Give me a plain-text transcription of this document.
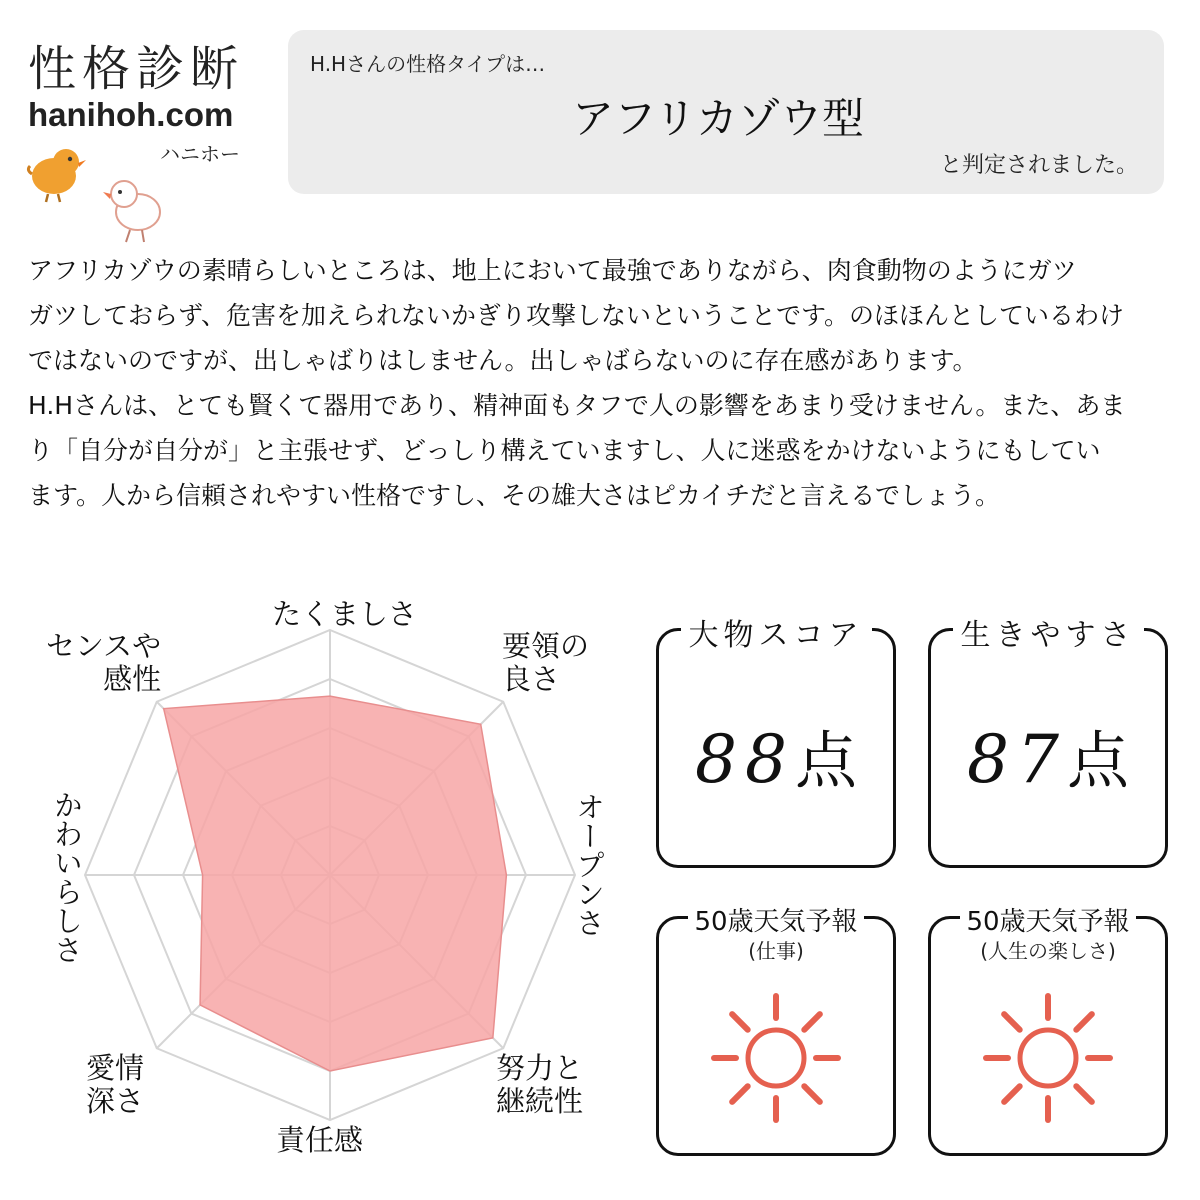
性格診断
hanihoh.com
ハニホー
H.Hさんの性格タイプは…
アフリカゾウ型
と判定されました。

アフリカゾウの素晴らしいところは、地上において最強でありながら、肉食動物のようにガツ

ガツしておらず、危害を加えられないかぎり攻撃しないということです。のほほんとしているわけ

ではないのですが、出しゃばりはしません。出しゃばらないのに存在感があります。

H.Hさんは、とても賢くて器用であり、精神面もタフで人の影響をあまり受けません。また、あま

り「自分が自分が」と主張せず、どっしり構えていますし、人に迷惑をかけないようにもしてい

ます。人から信頼されやすい性格ですし、その雄大さはピカイチだと言えるでしょう。

たくましさ
要領の
良さ
オープンさ
努力と
継続性
責任感
愛情
深さ
かわいらしさ
センスや
感性
大物スコア
88点
生きやすさ
87点
50歳天気予報
(仕事)
50歳天気予報
(人生の楽しさ)
